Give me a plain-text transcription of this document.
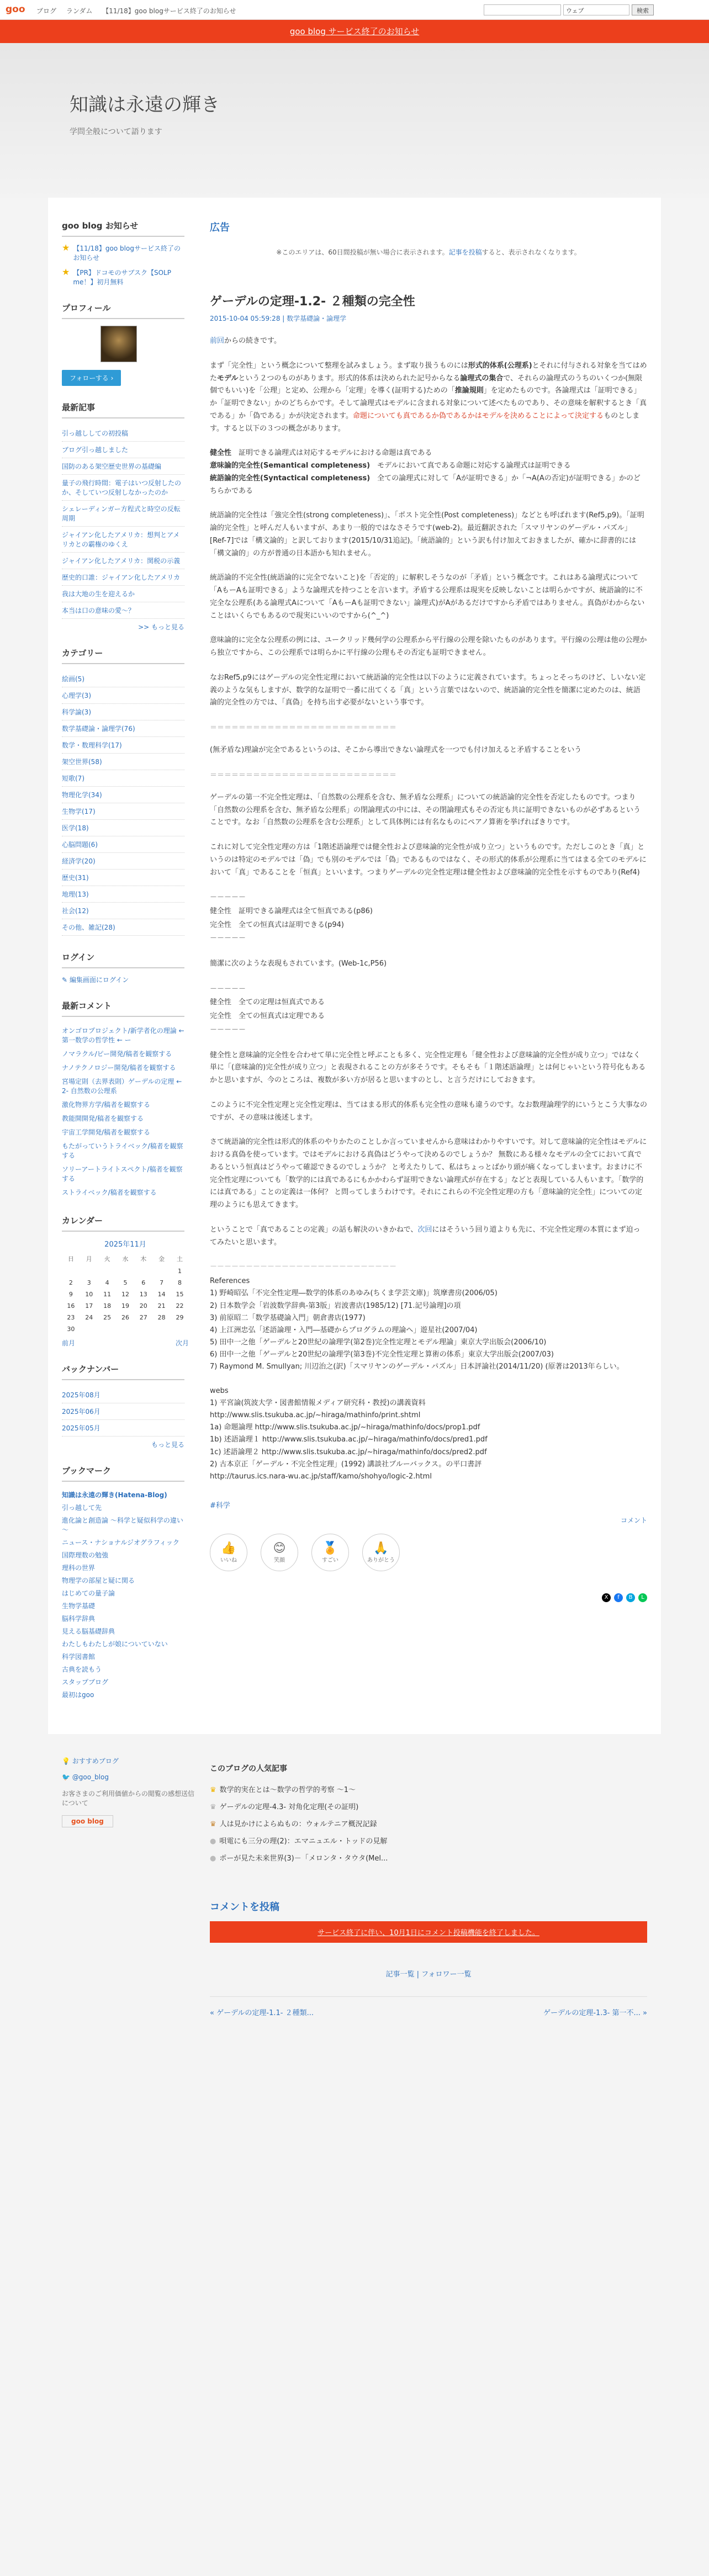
goo ブログ ランダム 【11/18】goo blogサービス終了のお知らせ	ウェブ	検索
goo blog サービス終了のお知らせ
知識は永遠の輝き
学問全般について語ります
goo blog お知らせ
★ 【11/18】goo blogサービス終了のお知らせ
★ 【PR】ドコモのサブスク【SOLP me！】初月無料
プロフィール
フォローする ›
最新記事
引っ越ししての初投稿
ブログ引っ越しました
国防のある架空歴史世界の基礎編
量子の飛行時間：電子はいつ反射したのか、そしていつ反射しなかったのか
シェレーディンガー方程式と時空の反転周期
ジャイアン化したアメリカ：想判とアメリカとの霸権のゆくえ
ジャイアン化したアメリカ：関税の示義
歴史的口誰：ジャイアン化したアメリカ
我は大地の生を迎えるか
本当は口の意味の愛～？
>> もっと見る
カテゴリー
絵画(5)
心理学(3)
科学論(3)
数学基礎論・論理学(76)
数学・数理科学(17)
架空世界(58)
短歌(7)
物理化学(34)
生物学(17)
医学(18)
心脳問題(6)
経済学(20)
歴史(31)
地理(13)
社会(12)
その他、雑記(28)
ログイン
✎ 編集画面にログイン
最新コメント
オンゴロプロジェクト/新学者化の理論 ← 第一数学の哲学性 ← ー
ノマラクル/ピー開発/稿者を観察する
ナノテクノロジー開発/稿者を観察する
宮場定則（去界表則）ゲーデルの定理 ← 2- 自然数の公理系
激化物界方学/稿者を観察する
教能開開発/稿者を観察する
宇宙工学開発/稿者を観察する
もたがっていうトライベック/稿者を観察する
ソリーアートライトスペクト/稿者を観察する
ストライベック/稿者を観察する
カレンダー
2025年11月
日	月	火	水	木	金	土
						1
2	3	4	5	6	7	8
9	10	11	12	13	14	15
16	17	18	19	20	21	22
23	24	25	26	27	28	29
30						
前月	次月
バックナンバー
2025年08月
2025年06月
2025年05月
もっと見る
ブックマーク
知識は永遠の輝き(Hatena-Blog)
引っ越して先
進化論と創造論 ～科学と疑似科学の違い～
ニュース・ナショナルジオグラフィック
国際理数の勉強
理科の世界
物理学の部屋と疑に関る
はじめての量子論
生物学基礎
脳科学辞典
見える脳基礎辞典
わたしもわたしが娘についていない
科学図書館
古典を読もう
スタップブログ
最初はgoo
広告
※このエリアは、60日間投稿が無い場合に表示されます。記事を投稿すると、表示されなくなります。
ゲーデルの定理-1.2- ２種類の完全性
2015-10-04 05:59:28 | 数学基礎論・論理学

前回からの続きです。

まず「完全性」という概念について整理を試みましょう。まず取り扱うものには形式的体系(公理系)とそれに付与される対象を当てはめたモデルという２つのものがあります。形式的体系は決められた記号からなる論理式の集合で、それらの論理式のうちのいくつか(無限個でもいい)を「公理」と定め、公理から「定理」を導く(証明する)ための「推論規則」を定めたものです。各論理式は「証明できる」か「証明できない」かのどちらかです。そして論理式はモデルに含まれる対象について述べたものであり、その意味を解釈するとき「真である」か「偽である」かが決定されます。命題についても真であるか偽であるかはモデルを決めることによって決定するものとします。すると以下の３つの概念があります。

健全性　 証明できる論理式は対応するモデルにおける命題は真である
意味論的完全性(Semantical completeness)　 モデルにおいて真である命題に対応する論理式は証明できる
統語論的完全性(Syntactical completeness)　 全ての論理式に対して「Aが証明できる」か「¬A(Aの否定)が証明できる」かのどちらかである

統語論的完全性は「強完全性(strong completeness)」、「ポスト完全性(Post completeness)」などとも呼ばれます(Ref5,p9)。「証明論的完全性」と呼んだ人もいますが、あまり一般的ではなさそうです(web-2)。最近翻訳された「スマリヤンのゲーデル・パズル」[Ref-7]では「構文論的」と訳しております(2015/10/31追記)。「統語論的」という訳も付け加えておきましたが、確かに辞書的には「構文論的」の方が普通の日本語かも知れません。

統語論的不完全性(統語論的に完全でないこと)を「否定的」に解釈しそうなのが「矛盾」という概念です。これはある論理式について「AもーAも証明できる」ような論理式を持つことを言います。矛盾する公理系は現実を反映しないことは明らかですが、統語論的に不完全な公理系(ある論理式Aについて「AもーAも証明できない」論理式)がAがあるだけですから矛盾ではありません。真偽がわからないことはいくらでもあるので現実にいいのですから(^_^)

意味論的に完全な公理系の例には、ユークリッド幾何学の公理系から平行線の公理を除いたものがあります。平行線の公理は他の公理から独立ですから、この公理系では明らかに平行線の公理もその否定も証明できません。

なおRef5,p9にはゲーデルの完全性定理において統語論的完全性は以下のように定義されています。ちょっとそっちのけど、しいない定義のような気もしますが、数学的な証明で一番に出てくる「真」という言葉ではないので、統語論的完全性を簡潔に定めたのは、統語論的完全性の方では、「真偽」を持ち出す必要がないという事です。

＝＝＝＝＝＝＝＝＝＝＝＝＝＝＝＝＝＝＝＝＝＝＝＝＝＝

(無矛盾な)理論が完全であるというのは、そこから導出できない論理式を一つでも付け加えると矛盾することをいう

＝＝＝＝＝＝＝＝＝＝＝＝＝＝＝＝＝＝＝＝＝＝＝＝＝＝

ゲーデルの第一不完全性定理は、「自然数の公理系を含む、無矛盾な公理系」についての統語論的完全性を否定したものです。つまり「自然数の公理系を含む、無矛盾な公理系」の閉論理式の中には、その閉論理式もその否定も共に証明できないものが必ずあるということです。なお「自然数の公理系を含む公理系」として具体例には有名なものにペアノ算術を挙げればきりです。

これに対して完全性定理の方は「1階述語論理では健全性および意味論的完全性が成り立つ」というものです。ただしこのとき「真」というのは特定のモデルでは「偽」でも別のモデルでは「偽」であるものではなく、その形式的体系が公理系に当てはまる全てのモデルにおいて「真」であることを「恒真」といいます。つまりゲーデルの完全性定理は健全性および意味論的完全性を示すものであり(Ref4)

－－－－－
健全性　 証明できる論理式は全て恒真である(p86)
完全性　 全ての恒真式は証明できる(p94)
－－－－－

簡潔に次のような表現もされています。(Web-1c,P56)

－－－－－
健全性　 全ての定理は恒真式である
完全性　 全ての恒真式は定理である
－－－－－

健全性と意味論的完全性を合わせて単に完全性と呼ぶことも多く、完全性定理も「健全性および意味論的完全性が成り立つ」ではなく単に「(意味論的)完全性が成り立つ」と表現されることの方が多そうです。そもそも「１階述語論理」とは何じゃいという符号化もあるかと思いますが、今のところは、複数が多い方が居ると思いますのとし、と言うだけにしておきます。

このように不完全性定理と完全性定理は、当てはまる形式的体系も完全性の意味も違うのです。なお数理論理学的にいうとこう大事なのですが、その意味は後述します。

さて統語論的完全性は形式的体系のやりかたのことしか言っていませんから意味はわかりやすいです。対して意味論的完全性はモデルにおける真偽を使っています。ではモデルにおける真偽はどうやって決めるのでしょうか？ 無数にある様々なモデルの全てにおいて真であるという恒真はどうやって確認できるのでしょうか？ と考えたりして、私はちょっとばかり頭が痛くなってしまいます。おまけに不完全性定理についても「数学的には真であるにもかかわらず証明できない論理式が存在する」などと表現している人もいます。「数学的には真である」ことの定義は一体何？ と問ってしまうわけです。それにこれらの不完全性定理の方も「意味論的完全性」についての定理のようにも思えてきます。

ということで「真であることの定義」の話も解決のいきかねで、次回にはそういう回り道よりも先に、不完全性定理の本質にまず迫ってみたいと思います。

－－－－－－－－－－－－－－－－－－－－－－－－－－
References
1) 野崎昭弘「不完全性定理―数学的体系のあゆみ(ちくま学芸文庫)」筑摩書房(2006/05)
2) 日本数学会「岩波数学辞典-第3版」岩波書店(1985/12) [71.記号論理]の項
3) 前原昭二「数学基礎論入門」朝倉書店(1977)
4) 上江洲忠弘「述語論理・入門―基礎からプログラムの理論へ」遊星社(2007/04)
5) 田中一之他「ゲーデルと20世紀の論理学(第2巻)完全性定理とモデル理論」東京大学出版会(2006/10)
6) 田中一之他「ゲーデルと20世紀の論理学(第3巻)不完全性定理と算術の体系」東京大学出版会(2007/03)
7) Raymond M. Smullyan; 川辺治之(訳)「スマリヤンのゲーデル・パズル」日本評論社(2014/11/20) (原著は2013年らしい。
webs
1) 平宮論(筑波大学・図書館情報メディア研究科・教授)の講義資料
http://www.slis.tsukuba.ac.jp/~hiraga/mathinfo/print.shtml
1a) 命題論理 http://www.slis.tsukuba.ac.jp/~hiraga/mathinfo/docs/prop1.pdf
1b) 述語論理１ http://www.slis.tsukuba.ac.jp/~hiraga/mathinfo/docs/pred1.pdf
1c) 述語論理２ http://www.slis.tsukuba.ac.jp/~hiraga/mathinfo/docs/pred2.pdf
2) 古本京正「ゲーデル・不完全性定理」(1992) 講談社ブルーバックス。の平口書評
http://taurus.ics.nara-wu.ac.jp/staff/kamo/shohyo/logic-2.html
#科学
コメント
👍
いいね
😊
笑顔
🏅
すごい
🙏
ありがとう
X	f	B	L
💡 おすすめブログ
🐦 @goo_blog
お客さまのご利用価値からの閲覧の感想送信について
goo blog
このブログの人気記事
♛ 数学的実在とは～数学の哲学的考察 ～1～
♛ ゲーデルの定理-4.3- 対角化定理(その証明)
♛ 人は見かけによらぬもの：ウォルテニア概況記録
● 唄電にも三分の理(2)：エマニュエル・トッドの見解
● ポーが見た未来世界(3)－「メロンタ・タウタ(Mel...
コメントを投稿
サービス終了に伴い、10月1日にコメント投稿機能を終了しました。
記事一覧 | フォロワー一覧
« ゲーデルの定理-1.1- ２種類...	ゲーデルの定理-1.3- 第一不... »
